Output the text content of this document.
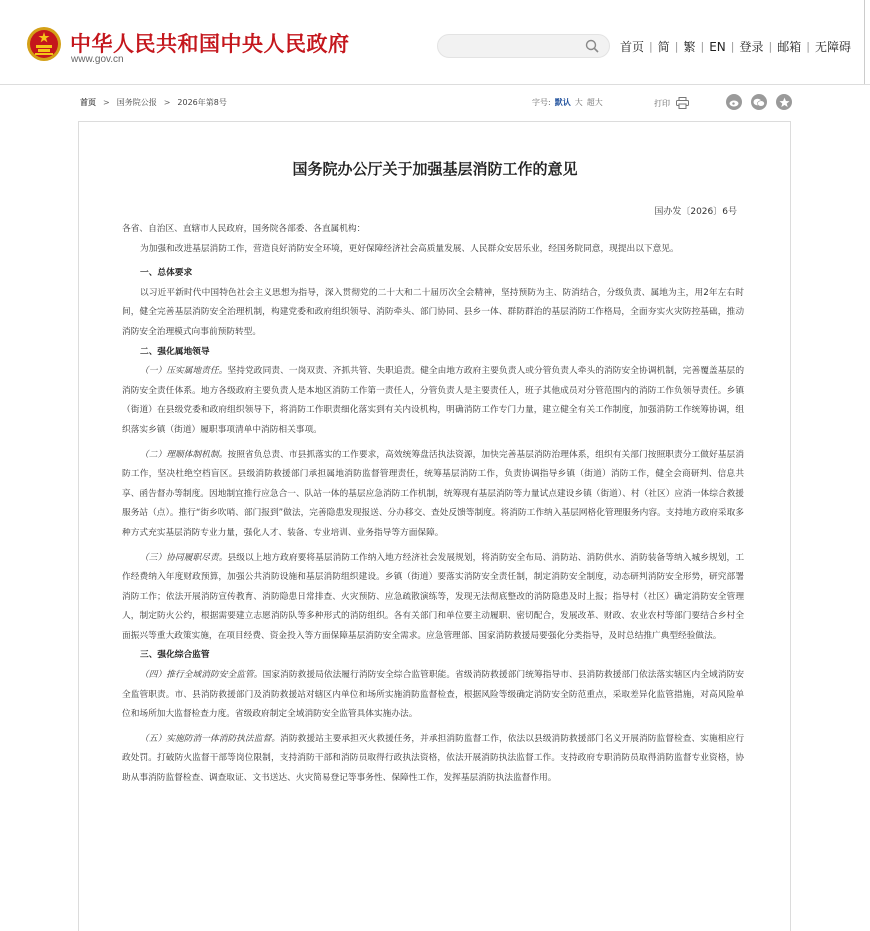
中华人民共和国中央人民政府
www.gov.cn
首页 | 简 | 繁 | EN | 登录 | 邮箱 | 无障碍
首页 > 国务院公报 > 2026年第8号	字号: 默认 大 超大	打印
国务院办公厅关于加强基层消防工作的意见
国办发〔2026〕6号

各省、自治区、直辖市人民政府，国务院各部委、各直属机构：

为加强和改进基层消防工作，营造良好消防安全环境，更好保障经济社会高质量发展、人民群众安居乐业，经国务院同意，现提出以下意见。

一、总体要求

以习近平新时代中国特色社会主义思想为指导，深入贯彻党的二十大和二十届历次全会精神，坚持预防为主、防消结合，分级负责、属地为主，用2年左右时间，健全完善基层消防安全治理机制，构建党委和政府组织领导、消防牵头、部门协同、县乡一体、群防群治的基层消防工作格局，全面夯实火灾防控基础，推动消防安全治理模式向事前预防转型。

二、强化属地领导

（一）压实属地责任。坚持党政同责、一岗双责、齐抓共管、失职追责。健全由地方政府主要负责人或分管负责人牵头的消防安全协调机制，完善覆盖基层的消防安全责任体系。地方各级政府主要负责人是本地区消防工作第一责任人，分管负责人是主要责任人，班子其他成员对分管范围内的消防工作负领导责任。乡镇（街道）在县级党委和政府组织领导下，将消防工作职责细化落实到有关内设机构，明确消防工作专门力量，建立健全有关工作制度，加强消防工作统筹协调，组织落实乡镇（街道）履职事项清单中消防相关事项。

（二）理顺体制机制。按照省负总责、市县抓落实的工作要求，高效统筹盘活执法资源，加快完善基层消防治理体系，组织有关部门按照职责分工做好基层消防工作，坚决杜绝空档盲区。县级消防救援部门承担属地消防监督管理责任，统筹基层消防工作，负责协调指导乡镇（街道）消防工作，健全会商研判、信息共享、函告督办等制度。因地制宜推行应急合一、队站一体的基层应急消防工作机制，统筹现有基层消防等力量试点建设乡镇（街道）、村（社区）应消一体综合救援服务站（点）。推行“街乡吹哨、部门报到”做法，完善隐患发现报送、分办移交、查处反馈等制度。将消防工作纳入基层网格化管理服务内容。支持地方政府采取多种方式充实基层消防专业力量，强化人才、装备、专业培训、业务指导等方面保障。

（三）协同履职尽责。县级以上地方政府要将基层消防工作纳入地方经济社会发展规划，将消防安全布局、消防站、消防供水、消防装备等纳入城乡规划，工作经费纳入年度财政预算，加强公共消防设施和基层消防组织建设。乡镇（街道）要落实消防安全责任制，制定消防安全制度，动态研判消防安全形势，研究部署消防工作；依法开展消防宣传教育、消防隐患日常排查、火灾预防、应急疏散演练等，发现无法彻底整改的消防隐患及时上报；指导村（社区）确定消防安全管理人，制定防火公约，根据需要建立志愿消防队等多种形式的消防组织。各有关部门和单位要主动履职、密切配合，发展改革、财政、农业农村等部门要结合乡村全面振兴等重大政策实施，在项目经费、资金投入等方面保障基层消防安全需求。应急管理部、国家消防救援局要强化分类指导，及时总结推广典型经验做法。

三、强化综合监管

（四）推行全域消防安全监管。国家消防救援局依法履行消防安全综合监管职能。省级消防救援部门统筹指导市、县消防救援部门依法落实辖区内全域消防安全监管职责。市、县消防救援部门及消防救援站对辖区内单位和场所实施消防监督检查，根据风险等级确定消防安全防范重点，采取差异化监管措施，对高风险单位和场所加大监督检查力度。省级政府制定全域消防安全监管具体实施办法。

（五）实施防消一体消防执法监督。消防救援站主要承担灭火救援任务，并承担消防监督工作，依法以县级消防救援部门名义开展消防监督检查、实施相应行政处罚。打破防火监督干部等岗位限制，支持消防干部和消防员取得行政执法资格，依法开展消防执法监督工作。支持政府专职消防员取得消防监督专业资格，协助从事消防监督检查、调查取证、文书送达、火灾简易登记等事务性、保障性工作，发挥基层消防执法监督作用。
